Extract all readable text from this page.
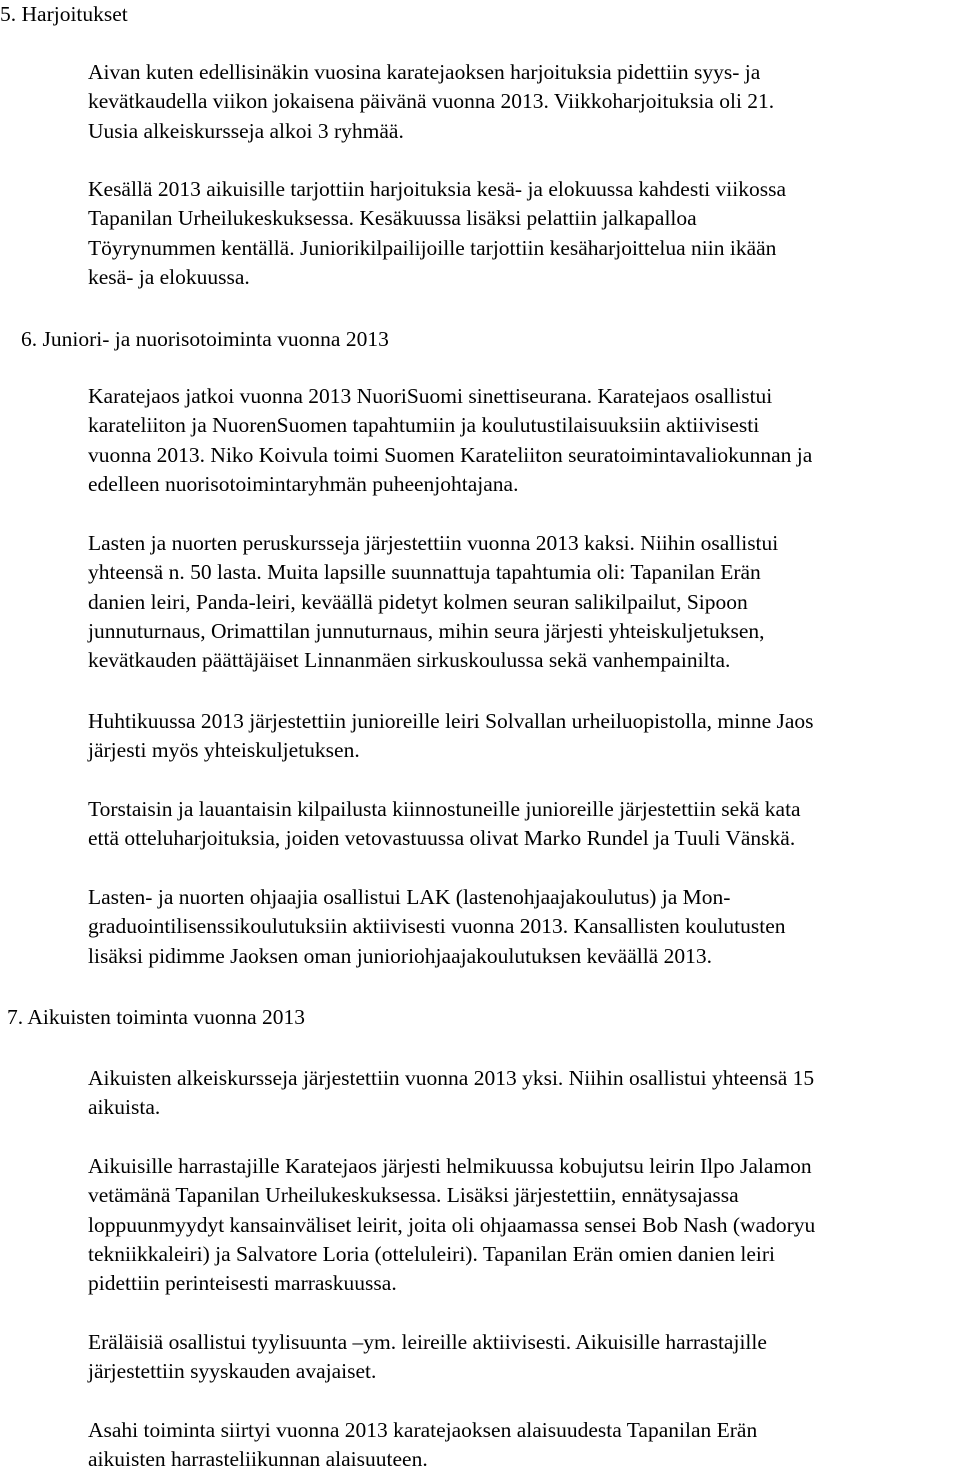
5. Harjoitukset
Aivan kuten edellisinäkin vuosina karatejaoksen harjoituksia pidettiin syys- ja
kevätkaudella viikon jokaisena päivänä vuonna 2013. Viikkoharjoituksia oli 21.
Uusia alkeiskursseja alkoi 3 ryhmää.
Kesällä 2013 aikuisille tarjottiin harjoituksia kesä- ja elokuussa kahdesti viikossa
Tapanilan Urheilukeskuksessa. Kesäkuussa lisäksi pelattiin jalkapalloa
Töyrynummen kentällä. Juniorikilpailijoille tarjottiin kesäharjoittelua niin ikään
kesä- ja elokuussa.
6. Juniori- ja nuorisotoiminta vuonna 2013
Karatejaos jatkoi vuonna 2013 NuoriSuomi sinettiseurana. Karatejaos osallistui
karateliiton ja NuorenSuomen tapahtumiin ja koulutustilaisuuksiin aktiivisesti
vuonna 2013. Niko Koivula toimi Suomen Karateliiton seuratoimintavaliokunnan ja
edelleen nuorisotoimintaryhmän puheenjohtajana.
Lasten ja nuorten peruskursseja järjestettiin vuonna 2013 kaksi. Niihin osallistui
yhteensä n. 50 lasta. Muita lapsille suunnattuja tapahtumia oli: Tapanilan Erän
danien leiri, Panda-leiri, keväällä pidetyt kolmen seuran salikilpailut, Sipoon
junnuturnaus, Orimattilan junnuturnaus, mihin seura järjesti yhteiskuljetuksen,
kevätkauden päättäjäiset Linnanmäen sirkuskoulussa sekä vanhempainilta.
Huhtikuussa 2013 järjestettiin junioreille leiri Solvallan urheiluopistolla, minne Jaos
järjesti myös yhteiskuljetuksen.
Torstaisin ja lauantaisin kilpailusta kiinnostuneille junioreille järjestettiin sekä kata
että otteluharjoituksia, joiden vetovastuussa olivat Marko Rundel ja Tuuli Vänskä.
Lasten- ja nuorten ohjaajia osallistui LAK (lastenohjaajakoulutus) ja Mon-
graduointilisenssikoulutuksiin aktiivisesti vuonna 2013. Kansallisten koulutusten
lisäksi pidimme Jaoksen oman junioriohjaajakoulutuksen keväällä 2013.
7. Aikuisten toiminta vuonna 2013
Aikuisten alkeiskursseja järjestettiin vuonna 2013 yksi. Niihin osallistui yhteensä 15
aikuista.
Aikuisille harrastajille Karatejaos järjesti helmikuussa kobujutsu leirin Ilpo Jalamon
vetämänä Tapanilan Urheilukeskuksessa. Lisäksi järjestettiin, ennätysajassa
loppuunmyydyt kansainväliset leirit, joita oli ohjaamassa sensei Bob Nash (wadoryu
tekniikkaleiri) ja Salvatore Loria (otteluleiri). Tapanilan Erän omien danien leiri
pidettiin perinteisesti marraskuussa.
Eräläisiä osallistui tyylisuunta –ym. leireille aktiivisesti. Aikuisille harrastajille
järjestettiin syyskauden avajaiset.
Asahi toiminta siirtyi vuonna 2013 karatejaoksen alaisuudesta Tapanilan Erän
aikuisten harrasteliikunnan alaisuuteen.
